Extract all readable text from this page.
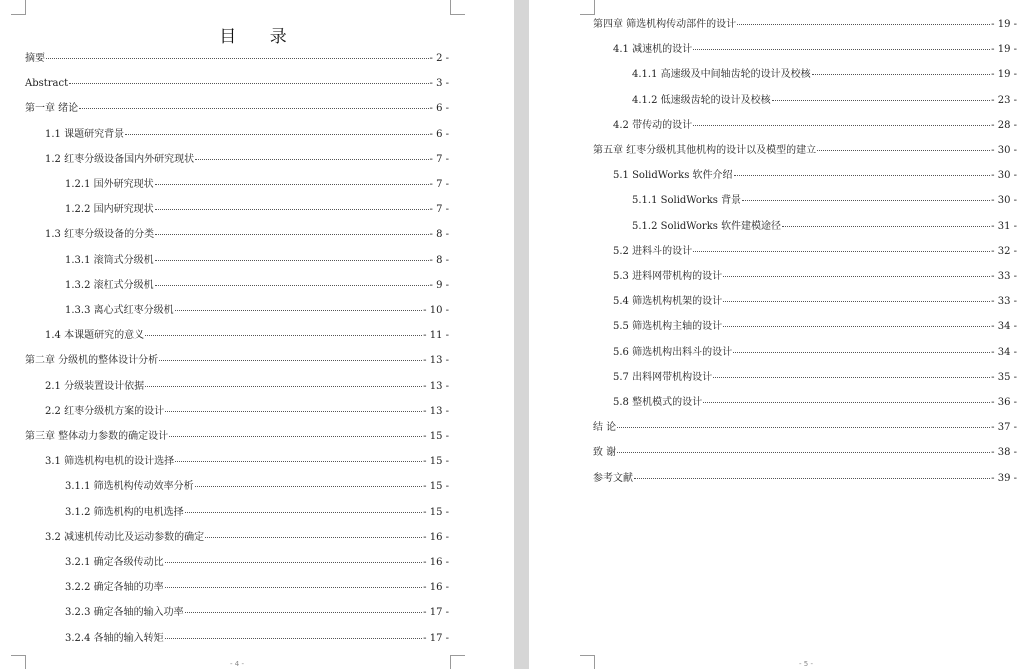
目 录
摘要	- 2 -
Abstract	- 3 -
第一章 绪论	- 6 -
1.1 课题研究背景	- 6 -
1.2 红枣分级设备国内外研究现状	- 7 -
1.2.1 国外研究现状	- 7 -
1.2.2 国内研究现状	- 7 -
1.3 红枣分级设备的分类	- 8 -
1.3.1 滚筒式分级机	- 8 -
1.3.2 滚杠式分级机	- 9 -
1.3.3 离心式红枣分级机	- 10 -
1.4 本课题研究的意义	- 11 -
第二章 分级机的整体设计分析	- 13 -
2.1 分级装置设计依据	- 13 -
2.2 红枣分级机方案的设计	- 13 -
第三章 整体动力参数的确定设计	- 15 -
3.1 筛选机构电机的设计选择	- 15 -
3.1.1 筛选机构传动效率分析	- 15 -
3.1.2 筛选机构的电机选择	- 15 -
3.2 减速机传动比及运动参数的确定	- 16 -
3.2.1 确定各级传动比	- 16 -
3.2.2 确定各轴的功率	- 16 -
3.2.3 确定各轴的输入功率	- 17 -
3.2.4 各轴的输入转矩	- 17 -
- 4 -
第四章 筛选机构传动部件的设计	- 19 -
4.1 减速机的设计	- 19 -
4.1.1 高速级及中间轴齿轮的设计及校核	- 19 -
4.1.2 低速级齿轮的设计及校核	- 23 -
4.2 带传动的设计	- 28 -
第五章 红枣分级机其他机构的设计以及模型的建立	- 30 -
5.1 SolidWorks 软件介绍	- 30 -
5.1.1 SolidWorks 背景	- 30 -
5.1.2 SolidWorks 软件建模途径	- 31 -
5.2 进料斗的设计	- 32 -
5.3 进料网带机构的设计	- 33 -
5.4 筛选机构机架的设计	- 33 -
5.5 筛选机构主轴的设计	- 34 -
5.6 筛选机构出料斗的设计	- 34 -
5.7 出料网带机构设计	- 35 -
5.8 整机模式的设计	- 36 -
结 论	- 37 -
致 谢	- 38 -
参考文献	- 39 -
- 5 -
